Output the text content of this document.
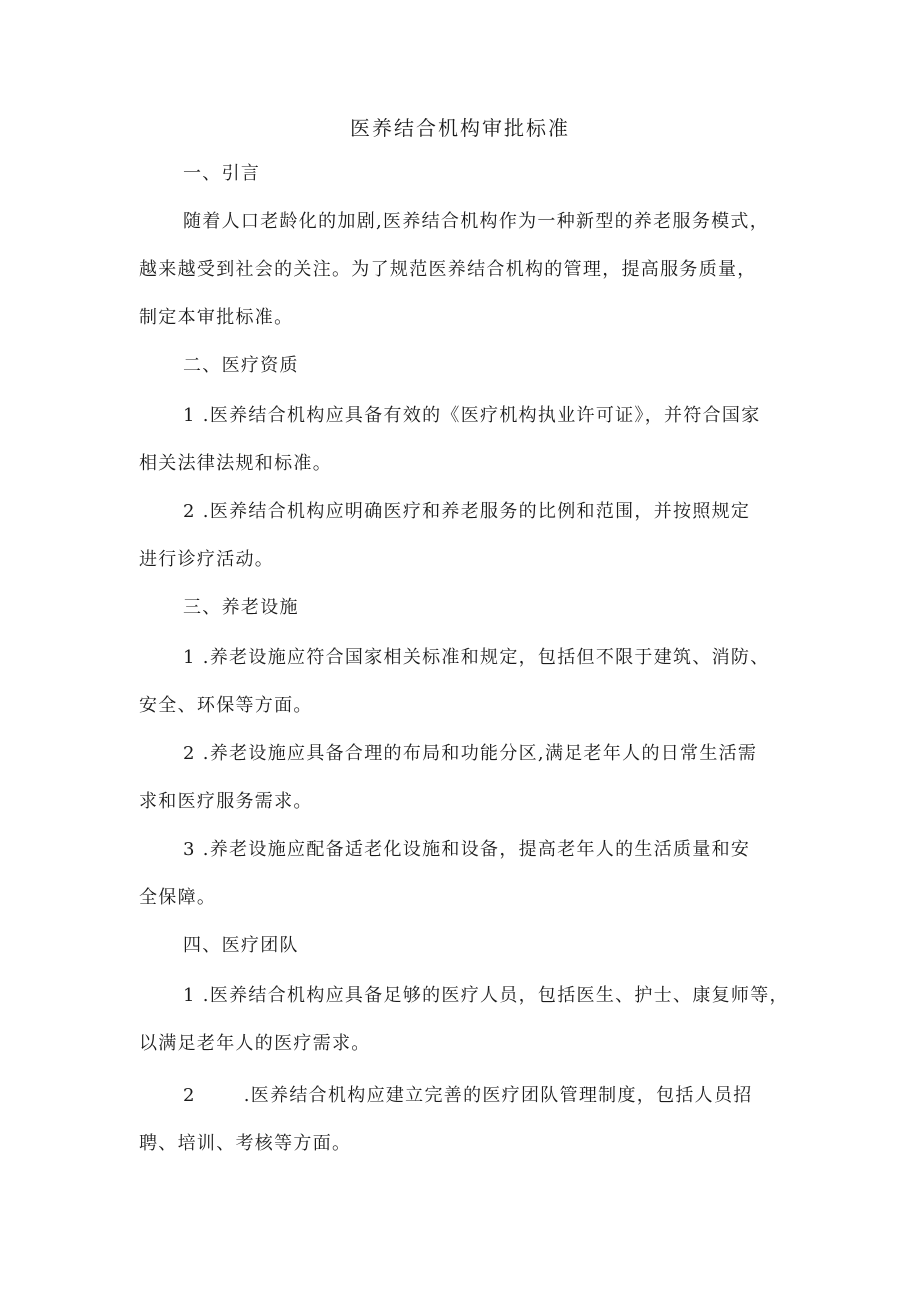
医养结合机构审批标准
一、引言
随着人口老龄化的加剧,医养结合机构作为一种新型的养老服务模式，
越来越受到社会的关注。为了规范医养结合机构的管理，提高服务质量，
制定本审批标准。
二、医疗资质
1 .医养结合机构应具备有效的《医疗机构执业许可证》，并符合国家
相关法律法规和标准。
2 .医养结合机构应明确医疗和养老服务的比例和范围，并按照规定
进行诊疗活动。
三、养老设施
1 .养老设施应符合国家相关标准和规定，包括但不限于建筑、消防、
安全、环保等方面。
2 .养老设施应具备合理的布局和功能分区,满足老年人的日常生活需
求和医疗服务需求。
3 .养老设施应配备适老化设施和设备，提高老年人的生活质量和安
全保障。
四、医疗团队
1 .医养结合机构应具备足够的医疗人员，包括医生、护士、康复师等，
以满足老年人的医疗需求。
2	.医养结合机构应建立完善的医疗团队管理制度，包括人员招
聘、培训、考核等方面。
